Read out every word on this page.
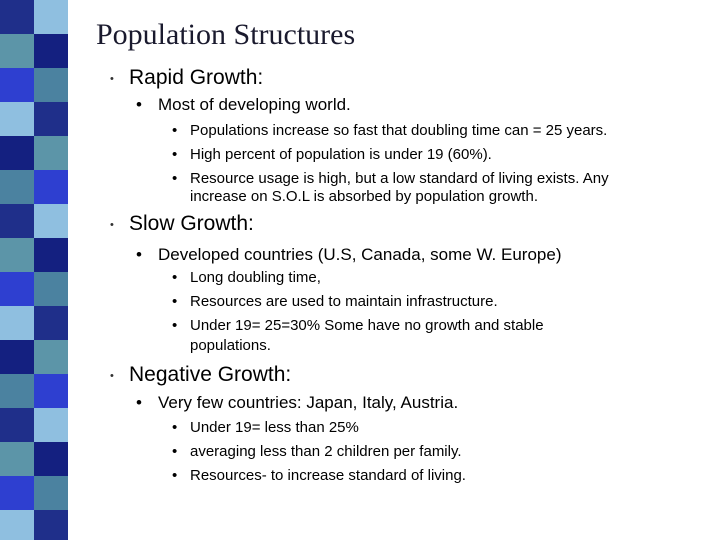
Population Structures
• Rapid Growth:
• Most of developing world.
• Populations increase so fast that doubling time can = 25 years.
• High percent of population is under 19 (60%).
• Resource usage is high, but a low standard of living exists. Any
increase on S.O.L is absorbed by population growth.
• Slow Growth:
• Developed countries (U.S, Canada, some W. Europe)
• Long doubling time,
• Resources are used to maintain infrastructure.
• Under 19= 25=30% Some have no growth and stable
populations.
• Negative Growth:
• Very few countries: Japan, Italy, Austria.
• Under 19= less than 25%
• averaging less than 2 children per family.
• Resources- to increase standard of living.
